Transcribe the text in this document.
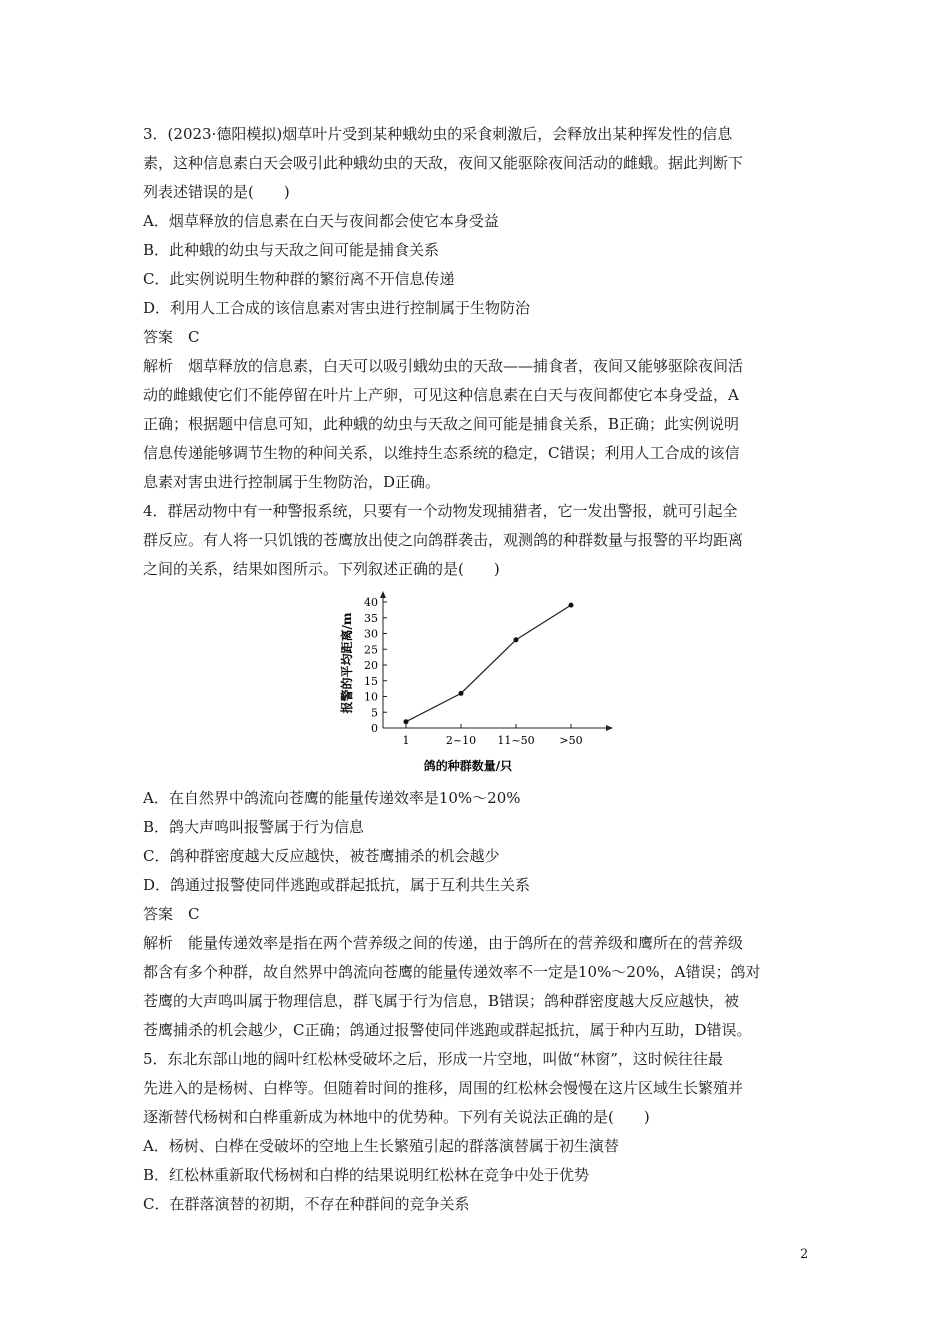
3．(2023·德阳模拟)烟草叶片受到某种蛾幼虫的采食刺激后，会释放出某种挥发性的信息

素，这种信息素白天会吸引此种蛾幼虫的天敌，夜间又能驱除夜间活动的雌蛾。据此判断下

列表述错误的是(　　)

A．烟草释放的信息素在白天与夜间都会使它本身受益

B．此种蛾的幼虫与天敌之间可能是捕食关系

C．此实例说明生物种群的繁衍离不开信息传递

D．利用人工合成的该信息素对害虫进行控制属于生物防治

答案　C

解析　烟草释放的信息素，白天可以吸引蛾幼虫的天敌——捕食者，夜间又能够驱除夜间活

动的雌蛾使它们不能停留在叶片上产卵，可见这种信息素在白天与夜间都使它本身受益，A

正确；根据题中信息可知，此种蛾的幼虫与天敌之间可能是捕食关系，B正确；此实例说明

信息传递能够调节生物的种间关系，以维持生态系统的稳定，C错误；利用人工合成的该信

息素对害虫进行控制属于生物防治，D正确。

4．群居动物中有一种警报系统，只要有一个动物发现捕猎者，它一发出警报，就可引起全

群反应。有人将一只饥饿的苍鹰放出使之向鸽群袭击，观测鸽的种群数量与报警的平均距离

之间的关系，结果如图所示。下列叙述正确的是(　　)

0
5
10
15
20
25
30
35
40
1	2~10 11~50 >50
报警的平均距离/m
鸽的种群数量/只

A．在自然界中鸽流向苍鹰的能量传递效率是10%～20%

B．鸽大声鸣叫报警属于行为信息

C．鸽种群密度越大反应越快，被苍鹰捕杀的机会越少

D．鸽通过报警使同伴逃跑或群起抵抗，属于互利共生关系

答案　C

解析　能量传递效率是指在两个营养级之间的传递，由于鸽所在的营养级和鹰所在的营养级

都含有多个种群，故自然界中鸽流向苍鹰的能量传递效率不一定是10%～20%，A错误；鸽对

苍鹰的大声鸣叫属于物理信息，群飞属于行为信息，B错误；鸽种群密度越大反应越快，被

苍鹰捕杀的机会越少，C正确；鸽通过报警使同伴逃跑或群起抵抗，属于种内互助，D错误。

5．东北东部山地的阔叶红松林受破坏之后，形成一片空地，叫做“林窗”，这时候往往最

先进入的是杨树、白桦等。但随着时间的推移，周围的红松林会慢慢在这片区域生长繁殖并

逐渐替代杨树和白桦重新成为林地中的优势种。下列有关说法正确的是(　　)

A．杨树、白桦在受破坏的空地上生长繁殖引起的群落演替属于初生演替

B．红松林重新取代杨树和白桦的结果说明红松林在竞争中处于优势

C．在群落演替的初期，不存在种群间的竞争关系

2
